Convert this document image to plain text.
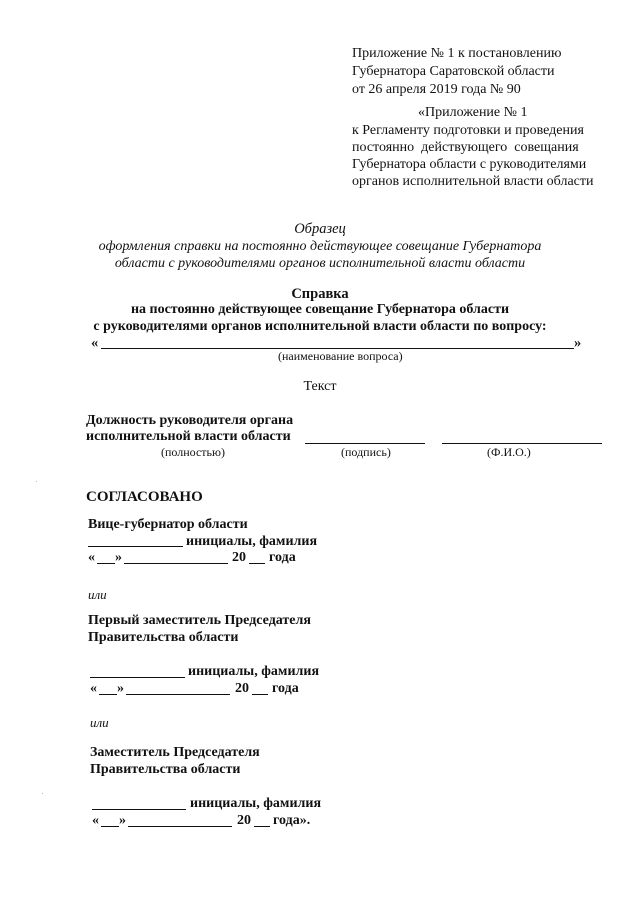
Приложение № 1 к постановлению
Губернатора Саратовской области
от 26 апреля 2019 года № 90
«Приложение № 1
к Регламенту подготовки и проведения
постоянно  действующего  совещания
Губернатора области с руководителями
органов исполнительной власти области
Образец
оформления справки на постоянно действующее совещание Губернатора
области с руководителями органов исполнительной власти области
Справка
на постоянно действующее совещание Губернатора области
с руководителями органов исполнительной власти области по вопросу:
«	»
(наименование вопроса)
Текст
Должность руководителя органа
исполнительной власти области
(полностью)	(подпись)	(Ф.И.О.)
СОГЛАСОВАНО
Вице-губернатор области
инициалы, фамилия
« »	20 года
или
Первый заместитель Председателя
Правительства области
инициалы, фамилия
« »	20 года
или
Заместитель Председателя
Правительства области
инициалы, фамилия
« »	20 года».
